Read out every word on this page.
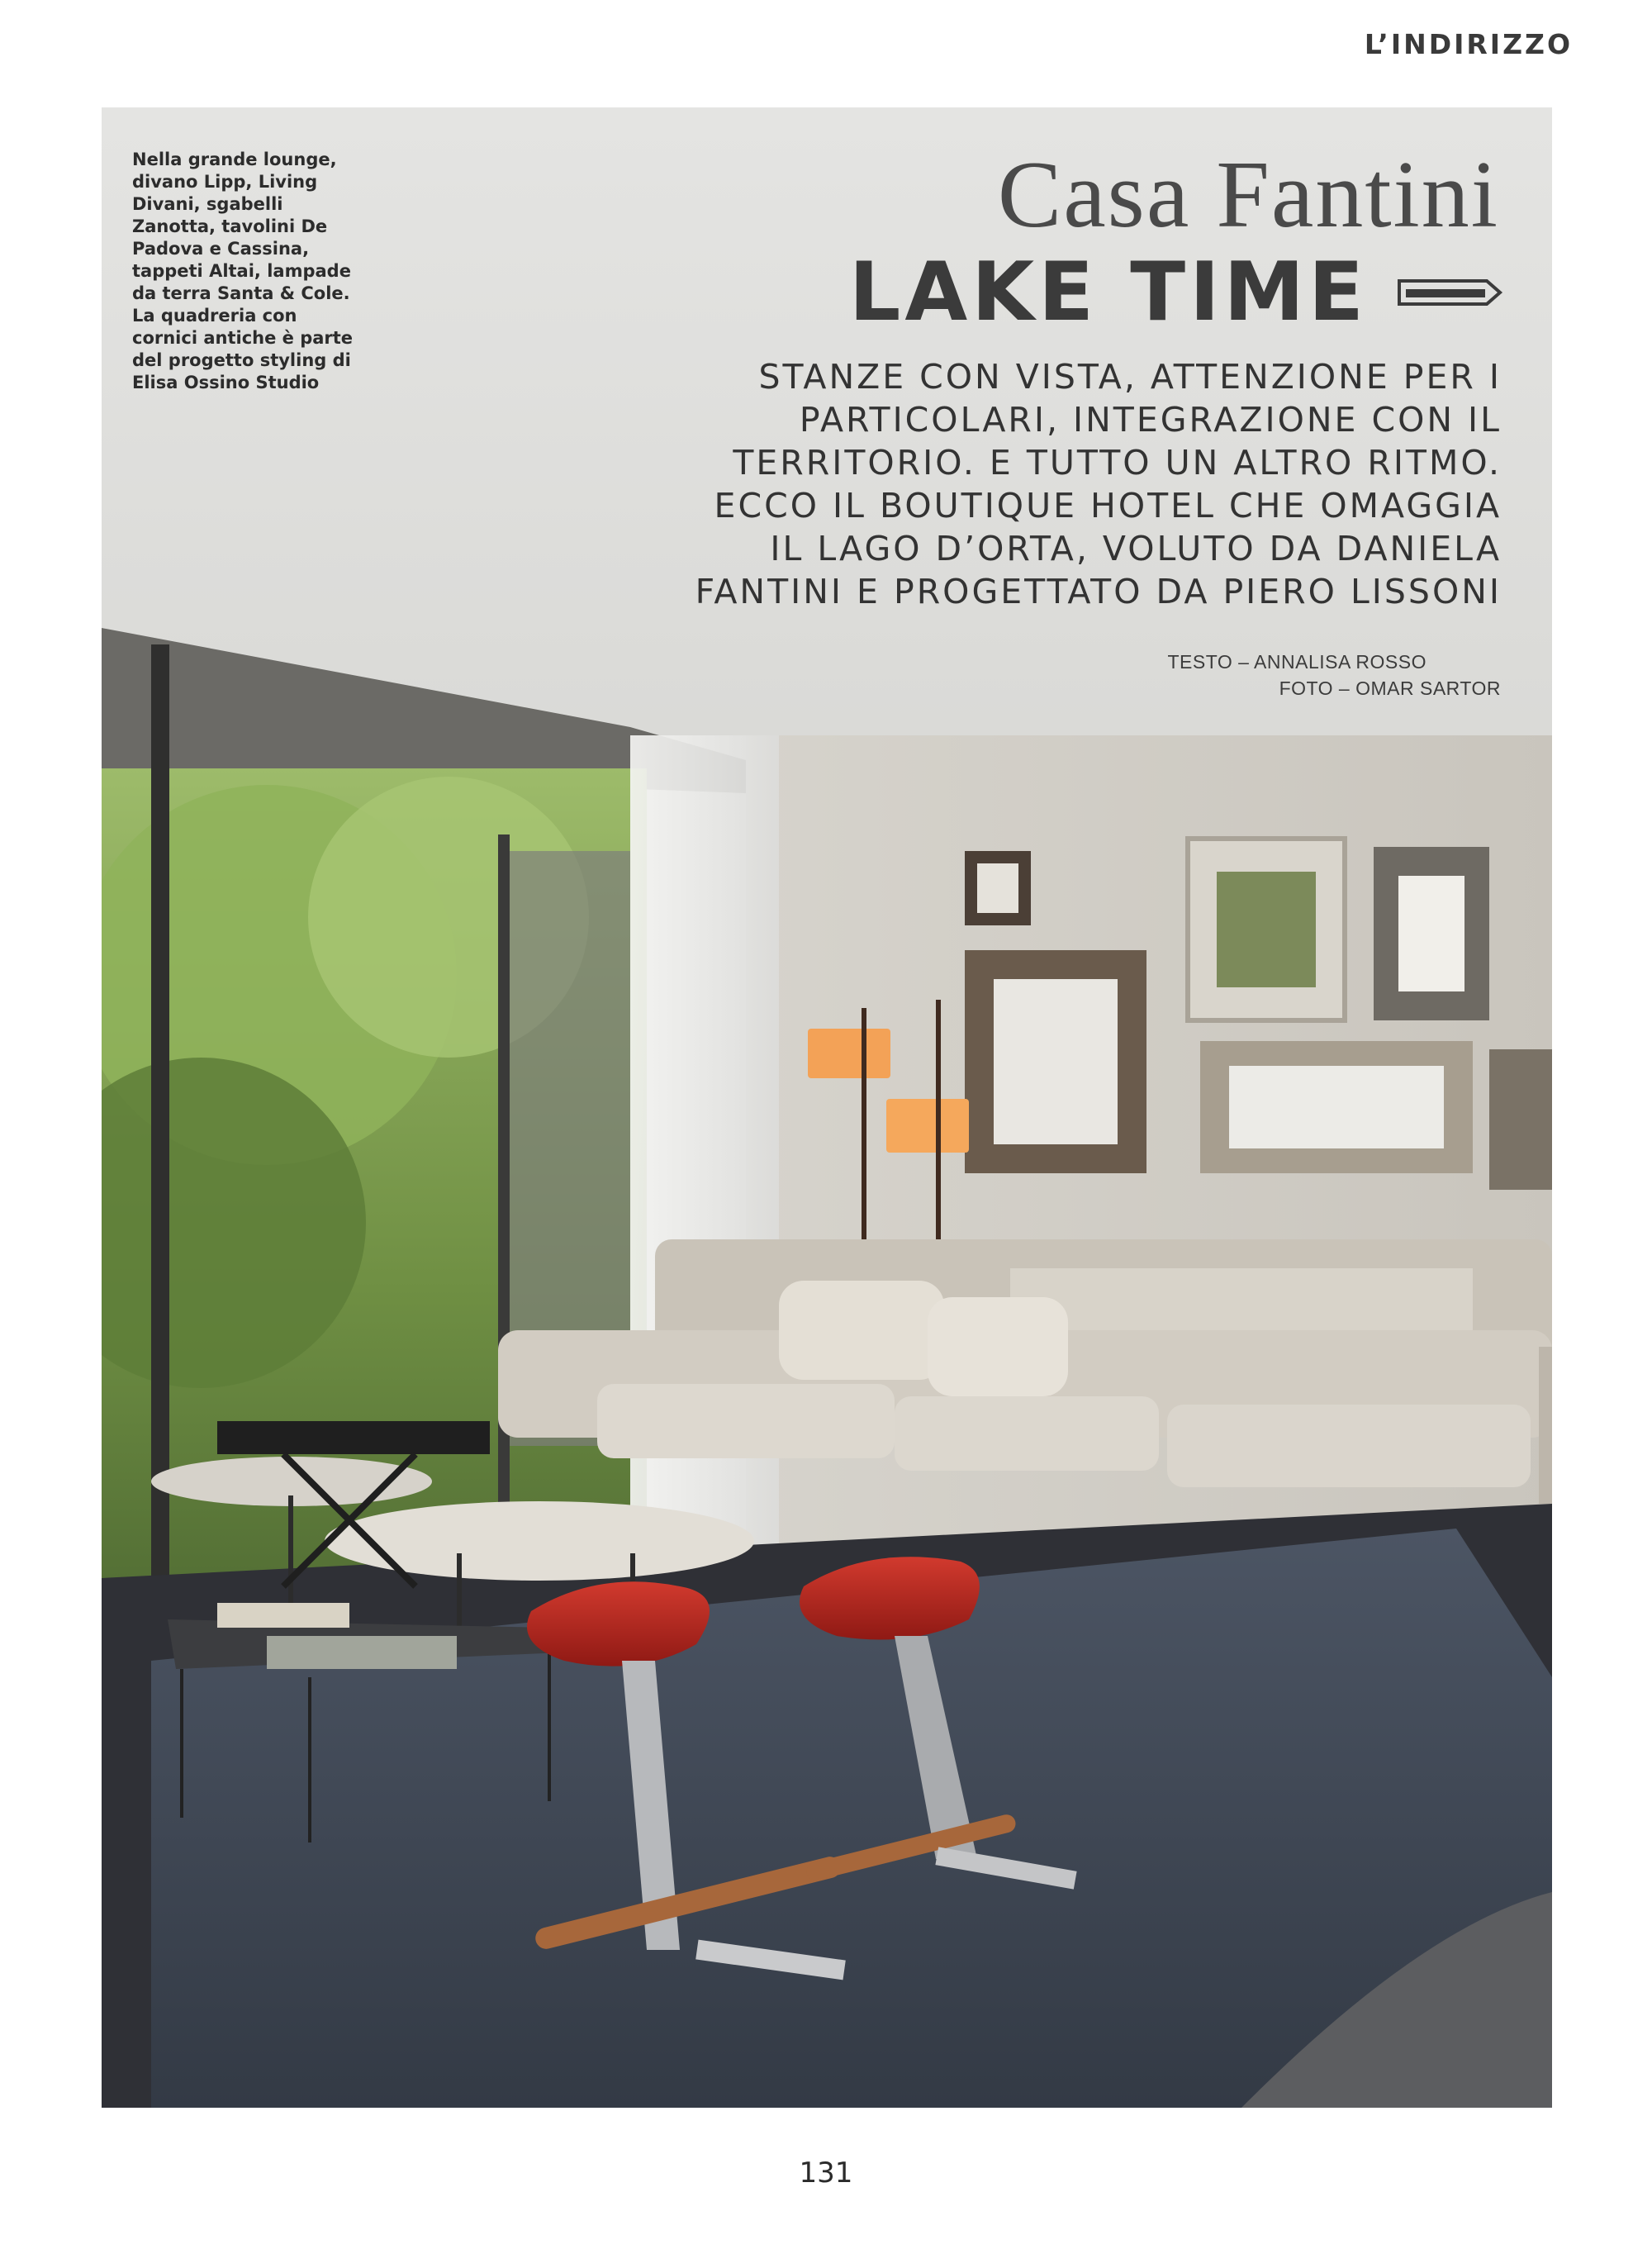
L’INDIRIZZO
Nella grande lounge,
divano Lipp, Living
Divani, sgabelli
Zanotta, tavolini De
Padova e Cassina,
tappeti Altai, lampade
da terra Santa & Cole.
La quadreria con
cornici antiche è parte
del progetto styling di
Elisa Ossino Studio
Casa Fantini
LAKE TIME
STANZE CON VISTA, ATTENZIONE PER I
PARTICOLARI, INTEGRAZIONE CON IL
TERRITORIO. E TUTTO UN ALTRO RITMO.
ECCO IL BOUTIQUE HOTEL CHE OMAGGIA
IL LAGO D’ORTA, VOLUTO DA DANIELA
FANTINI E PROGETTATO DA PIERO LISSONI
TESTO – ANNALISA ROSSO
FOTO – OMAR SARTOR
131
